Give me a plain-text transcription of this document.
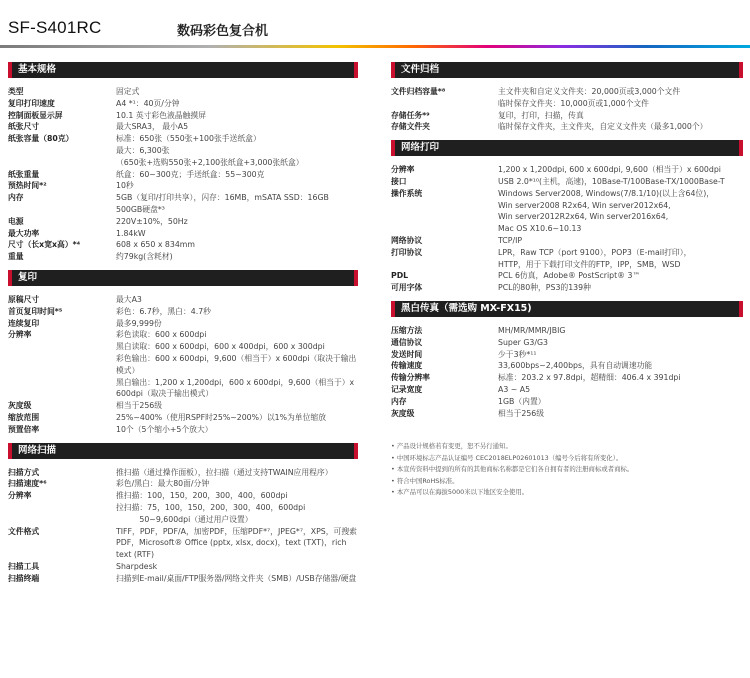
SF-S401RC	数码彩色复合机
基本规格
类型	固定式
复印打印速度	A4 *¹：40页/分钟
控制面板显示屏	10.1 英寸彩色液晶触摸屏
纸张尺寸	最大SRA3， 最小A5
纸张容量（80克）	标准：650张（550张+100张手送纸盒）
最大：6,300张
（650张+选购550张+2,100张纸盒+3,000张纸盒）
纸张重量	纸盒：60~300克；手送纸盒：55~300克
预热时间*²	10秒
内存	5GB（复印/打印共享），闪存：16MB，mSATA SSD：16GB
500GB硬盘*³
电源	220V±10%，50Hz
最大功率	1.84kW
尺寸（长x宽x高）*⁴	608 x 650 x 834mm
重量	约79kg(含耗材)
复印
原稿尺寸	最大A3
首页复印时间*⁵	彩色：6.7秒，黑白：4.7秒
连续复印	最多9,999份
分辨率	彩色读取：600 x 600dpi
黑白读取：600 x 600dpi，600 x 400dpi，600 x 300dpi
彩色输出：600 x 600dpi，9,600（相当于）x 600dpi（取决于输出模式）
黑白输出：1,200 x 1,200dpi，600 x 600dpi，9,600（相当于）x 600dpi（取决于输出模式）
灰度级	相当于256级
缩放范围	25%~400%（使用RSPF时25%~200%）以1%为单位缩放
预置倍率	10个（5个缩小+5个放大）
网络扫描
扫描方式	推扫描（通过操作面板），拉扫描（通过支持TWAIN应用程序）
扫描速度*⁶	彩色/黑白：最大80面/分钟
分辨率	推扫描：100，150，200，300，400，600dpi
拉扫描：75，100，150，200，300，400，600dpi
　　　50~9,600dpi（通过用户设置）
文件格式	TIFF，PDF，PDF/A，加密PDF，压缩PDF*⁷，JPEG*⁷，XPS，可搜索PDF，Microsoft® Office (pptx, xlsx, docx)，text (TXT)，rich text (RTF)
扫描工具	Sharpdesk
扫描终端	扫描到E-mail/桌面/FTP服务器/网络文件夹（SMB）/USB存储器/硬盘
文件归档
文件归档容量*⁸	主文件夹和自定义文件夹：20,000页或3,000个文件
临时保存文件夹：10,000页或1,000个文件
存储任务*⁹	复印，打印，扫描，传真
存储文件夹	临时保存文件夹，主文件夹，自定义文件夹（最多1,000个）
网络打印
分辨率	1,200 x 1,200dpi, 600 x 600dpi, 9,600（相当于）x 600dpi
接口	USB 2.0*¹⁰(主机，高速)，10Base-T/100Base-TX/1000Base-T
操作系统	Windows Server2008, Windows(7/8.1/10)(以上含64位)，
Win server2008 R2x64, Win server2012x64,
Win server2012R2x64, Win server2016x64,
Mac OS X10.6~10.13
网络协议	TCP/IP
打印协议	LPR，Raw TCP（port 9100），POP3（E-mail打印），
HTTP，用于下载打印文件的FTP，IPP，SMB，WSD
PDL	PCL 6仿真，Adobe® PostScript® 3™
可用字体	PCL的80种，PS3的139种
黑白传真（需选购 MX-FX15)
压缩方法	MH/MR/MMR/JBIG
通信协议	Super G3/G3
发送时间	少于3秒*¹¹
传输速度	33,600bps~2,400bps，具有自动调速功能
传输分辨率	标准：203.2 x 97.8dpi，超精细：406.4 x 391dpi
记录宽度	A3 ~ A5
内存	1GB（内置）
灰度级	相当于256级
• 产品设计规格若有变更，恕不另行通知。
• 中国环境标志产品认证编号 CEC2018ELP02601013（编号今后将有所变化）。
• 本宣传资料中提到的所有的其他商标名称都是它们各自拥有者的注册商标或者商标。
• 符合中国RoHS标准。
• 本产品可以在海拔5000米以下地区安全使用。
